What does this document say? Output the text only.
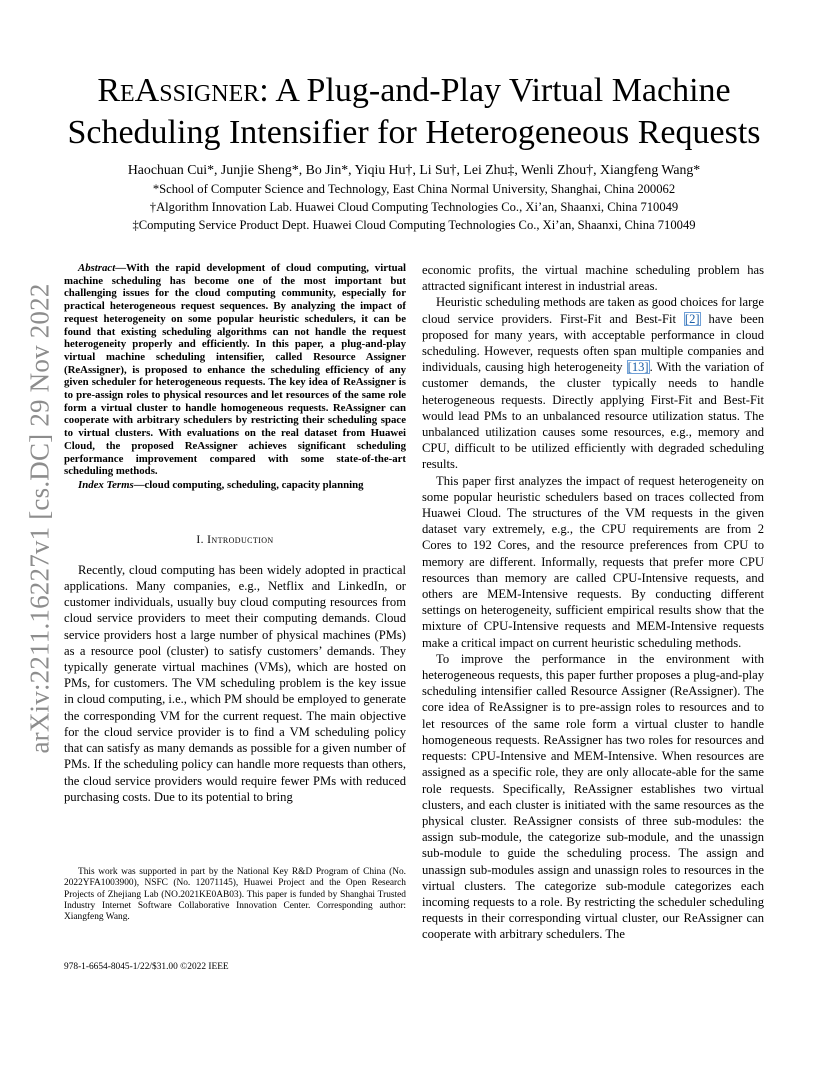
arXiv:2211.16227v1 [cs.DC] 29 Nov 2022
ReAssigner: A Plug-and-Play Virtual Machine
Scheduling Intensifier for Heterogeneous Requests
Haochuan Cui*, Junjie Sheng*, Bo Jin*, Yiqiu Hu†, Li Su†, Lei Zhu‡, Wenli Zhou†, Xiangfeng Wang*
*School of Computer Science and Technology, East China Normal University, Shanghai, China 200062
†Algorithm Innovation Lab. Huawei Cloud Computing Technologies Co., Xi’an, Shaanxi, China 710049
‡Computing Service Product Dept. Huawei Cloud Computing Technologies Co., Xi’an, Shaanxi, China 710049

Abstract—With the rapid development of cloud computing, virtual machine scheduling has become one of the most important but challenging issues for the cloud computing community, especially for practical heterogeneous request sequences. By analyzing the impact of request heterogeneity on some popular heuristic schedulers, it can be found that existing scheduling algorithms can not handle the request heterogeneity properly and efficiently. In this paper, a plug-and-play virtual machine scheduling intensifier, called Resource Assigner (ReAssigner), is proposed to enhance the scheduling efficiency of any given scheduler for heterogeneous requests. The key idea of ReAssigner is to pre-assign roles to physical resources and let resources of the same role form a virtual cluster to handle homogeneous requests. ReAssigner can cooperate with arbitrary schedulers by restricting their scheduling space to virtual clusters. With evaluations on the real dataset from Huawei Cloud, the proposed ReAssigner achieves significant scheduling performance improvement compared with some state-of-the-art scheduling methods.

Index Terms—cloud computing, scheduling, capacity planning

I. Introduction

Recently, cloud computing has been widely adopted in practical applications. Many companies, e.g., Netflix and LinkedIn, or customer individuals, usually buy cloud computing resources from cloud service providers to meet their computing demands. Cloud service providers host a large number of physical machines (PMs) as a resource pool (cluster) to satisfy customers’ demands. They typically generate virtual machines (VMs), which are hosted on PMs, for customers. The VM scheduling problem is the key issue in cloud computing, i.e., which PM should be employed to generate the corresponding VM for the current request. The main objective for the cloud service provider is to find a VM scheduling policy that can satisfy as many demands as possible for a given number of PMs. If the scheduling policy can handle more requests than others, the cloud service providers would require fewer PMs with reduced purchasing costs. Due to its potential to bring

This work was supported in part by the National Key R&D Program of China (No. 2022YFA1003900), NSFC (No. 12071145), Huawei Project and the Open Research Projects of Zhejiang Lab (NO.2021KE0AB03). This paper is funded by Shanghai Trusted Industry Internet Software Collaborative Innovation Center. Corresponding author: Xiangfeng Wang.
978-1-6654-8045-1/22/$31.00 ©2022 IEEE

economic profits, the virtual machine scheduling problem has attracted significant interest in industrial areas.

Heuristic scheduling methods are taken as good choices for large cloud service providers. First-Fit and Best-Fit [2] have been proposed for many years, with acceptable performance in cloud scheduling. However, requests often span multiple companies and individuals, causing high heterogeneity [13]. With the variation of customer demands, the cluster typically needs to handle heterogeneous requests. Directly applying First-Fit and Best-Fit would lead PMs to an unbalanced resource utilization status. The unbalanced utilization causes some resources, e.g., memory and CPU, difficult to be utilized efficiently with degraded scheduling results.

This paper first analyzes the impact of request heterogeneity on some popular heuristic schedulers based on traces collected from Huawei Cloud. The structures of the VM requests in the given dataset vary extremely, e.g., the CPU requirements are from 2 Cores to 192 Cores, and the resource preferences from CPU to memory are different. Informally, requests that prefer more CPU resources than memory are called CPU-Intensive requests, and others are MEM-Intensive requests. By conducting different settings on heterogeneity, sufficient empirical results show that the mixture of CPU-Intensive requests and MEM-Intensive requests make a critical impact on current heuristic scheduling methods.

To improve the performance in the environment with heterogeneous requests, this paper further proposes a plug-and-play scheduling intensifier called Resource Assigner (ReAssigner). The core idea of ReAssigner is to pre-assign roles to resources and to let resources of the same role form a virtual cluster to handle homogeneous requests. ReAssigner has two roles for resources and requests: CPU-Intensive and MEM-Intensive. When resources are assigned as a specific role, they are only allocate-able for the same role requests. Specifically, ReAssigner establishes two virtual clusters, and each cluster is initiated with the same resources as the physical cluster. ReAssigner consists of three sub-modules: the assign sub-module, the categorize sub-module, and the unassign sub-module to guide the scheduling process. The assign and unassign sub-modules assign and unassign roles to resources in the virtual clusters. The categorize sub-module categorizes each incoming requests to a role. By restricting the scheduler scheduling requests in their corresponding virtual cluster, our ReAssigner can cooperate with arbitrary schedulers. The
